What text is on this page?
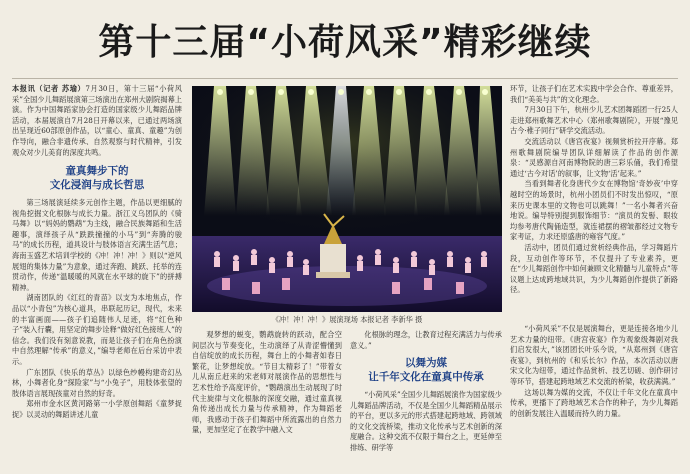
第十三届“小荷风采”精彩继续

本报讯（记者 苏瑜）7月30日，第十三届“小荷风采”全国少儿舞蹈展演第三场演出在郑州大剧院揭幕上演。作为中国舞蹈家协会打造的国家级少儿舞蹈品牌活动，本届展演自7月28日开幕以来，已通过两场演出呈现近60部原创作品，以“童心、童真、童趣”为创作导向，融合非遗传承、自然观察与时代精神，引发观众对少儿美育的深度共鸣。

童真舞步下的
文化浸润与成长哲思

第三场展演延续多元创作主题，作品以更细腻的视角挖掘文化根脉与成长力量。浙江义乌团队的《骑马舞》以“妈妈的鹦鹉”为主线，融合民族舞蹈和生活趣事，演绎孩子从“跌跌撞撞的小马”到“奔腾的骏马”的成长历程，道具设计与肢体语言充满生活气息；海南玉盛艺术培训学校的《冲！冲！冲！》则以“逆风展翅的集体力量”为意象，通过奔跑、跳跃、托举的连贯动作，传递“温暖暖的风就在水平球的旋下”的拼搏精神。

湖南团队的《红红的青苗》以支为本地焦点，作品以“小青包”为核心道具，串联起历记，现代，未来的丰富画面——孩子们追随伟人足迹，将“红色种子”装入行囊，用坚定的舞步诠释“做好红色接班人”的信念。我们没有刻意说教，而是让孩子们在角色扮演中自然理解“传承”的意义，”编导老师在后台采访中表示。

广东团队《快乐的草丛》以绿色纱幔构建奇幻丛林，小舞者化身“探险家”与“小兔子”，用肢体张望的肢体语言展现孩童对自然的好奇。

郑州市金水区黄河路第一小学原创舞蹈《童梦捉捉》以灵动的舞蹈讲述儿童

《冲！冲！冲！》展演现场 本报记者 李新华 摄

观梦想的蜕变，鹦鹉旋转的跃动，配合空间层次与节奏变化，生动演绎了从青涩懵懂到自信绽放的成长历程，舞台上的小舞者如春日繁花，让梦想绽放。“节目太精彩了！”带着女儿从南丘赶来的宋老师对展演作品的思想性与艺术性给予高度评价，“鹦鹉演出生动展现了时代主旋律与文化根脉的深度交融，通过童真视角传递出成长力量与传承精神，作为舞蹈老师，我感动于孩子们舞蹈中所流露出的自然力量，更加坚定了在教学中融入文

化根脉的理念，让教育过程充满活力与传承意义。”

以舞为媒
让千年文化在童真中传承

“小荷风采”全国少儿舞蹈展演作为国家级少儿舞蹈品牌活动，不仅是全国少儿舞蹈精品展示的平台，更以多元的形式搭建起跨地域、跨领域的文化交流桥梁，推动文化传承与艺术创新的深度融合。这种交流不仅限于舞台之上，更延伸至排练、研学等

环节，让孩子们在艺术实践中学会合作、尊重差异，我们“美美与共”的文化理念。

7月30日下午，杭州少儿艺术团舞蹈团一行25人走进郑州歌舞艺术中心（郑州歌舞剧院），开展“豫见古今·稚子同行”研学交流活动。

交流活动以《唐宫夜宴》视频赏析拉开序幕。郑州歌舞剧院编导团队详细解读了作品的创作源泉：“灵感源自河南博物院的唐三彩乐俑，我们希望通过‘古今对话’的叙事，让文物‘活’起来。”

当看到舞者化身唐代少女在博物馆‘奇妙夜’中穿越时空的场景时，杭州小团员们不时发出惊叹，“原来历史课本里的文物也可以跳舞！”一名小舞者兴奋地说。编导特别提到服饰细节：“演员的发髻、眼妆均参考唐代陶俑造型，就连裙摆的褶皱都经过文物专家考证，力求还原盛唐的雍容气度。”

活动中，团员们通过赏析经典作品，学习舞蹈片段，互动创作等环节，不仅提升了专业素养，更在“少儿舞蹈创作中如何兼顾文化精髓与儿童特点”等议题上达成跨地域共识，为少儿舞蹈创作提供了新路径。

“小荷风采”不仅是展演舞台，更是连接各地少儿艺术力量的纽带。《唐宫夜宴》作为观象级舞剧对我们启发很大，”该团团长叶乐今说，“从郑州到《唐宫夜宴》，到杭州的《和乐长尔》作品，本次活动以唐宋文化为纽带，通过作品赏析、技艺切磋、创作研讨等环节，搭建起跨地域艺术交流的桥梁，收获满满。”

这场以舞为媒的交流，不仅让千年文化在童真中传承，更播下了跨地域艺术合作的种子，为少儿舞蹈的创新发展注入温暖而持久的力量。
